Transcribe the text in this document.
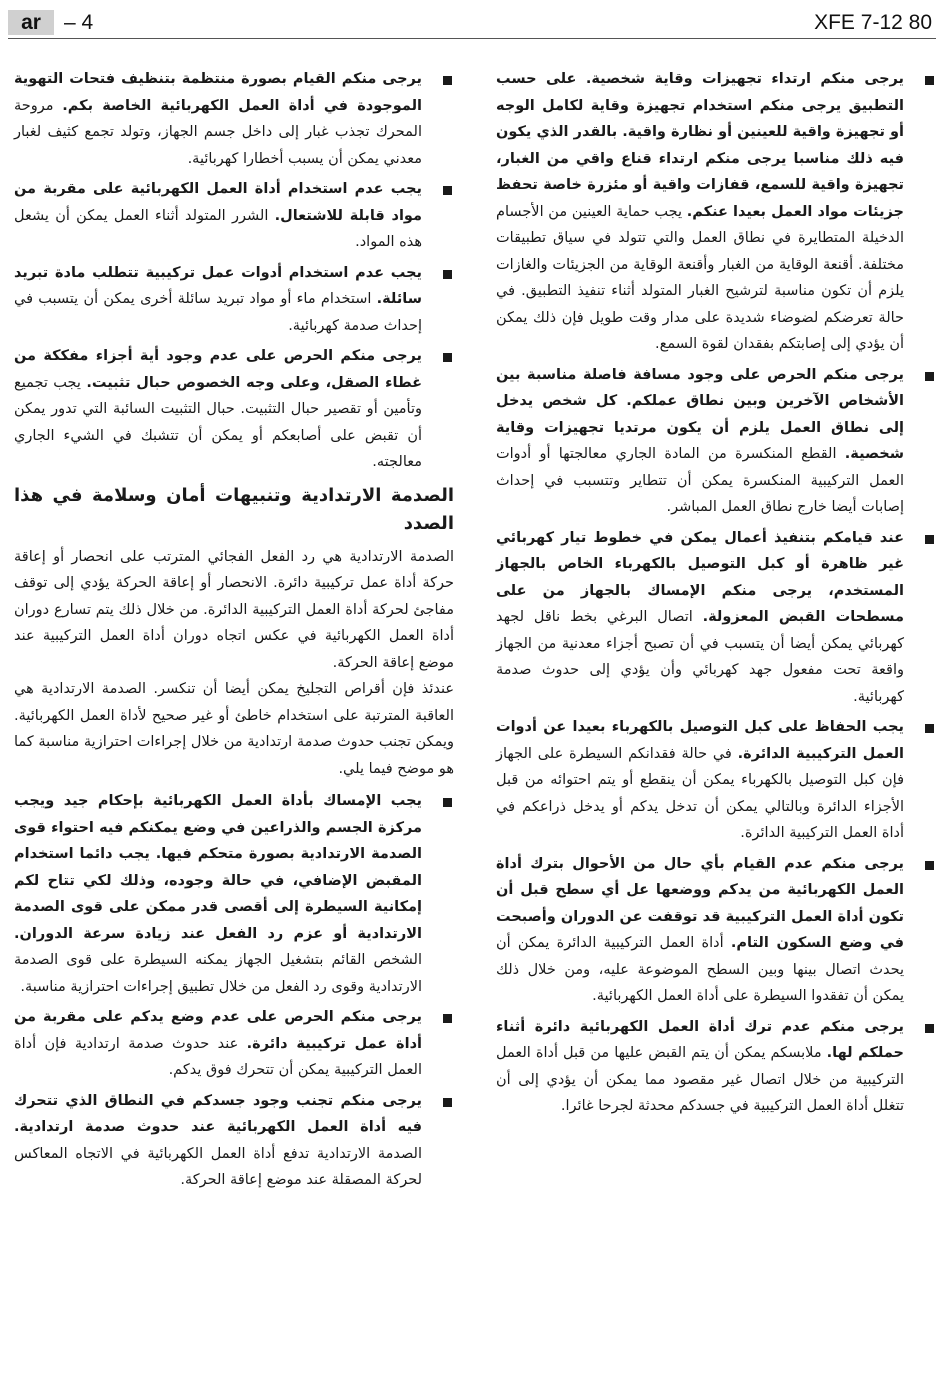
ar	– 4	XFE 7-12 80
يرجى منكم ارتداء تجهيزات وقاية شخصية. على حسب التطبيق يرجى منكم استخدام تجهيزة وقاية لكامل الوجه أو تجهيزة واقية للعينين أو نظارة واقية. بالقدر الذي يكون فيه ذلك مناسبا يرجى منكم ارتداء قناع واقي من الغبار، تجهيزة واقية للسمع، قفازات واقية أو مئزرة خاصة تحفظ جزيئات مواد العمل بعيدا عنكم. يجب حماية العينين من الأجسام الدخيلة المتطايرة في نطاق العمل والتي تتولد في سياق تطبيقات مختلفة. أقنعة الوقاية من الغبار وأقنعة الوقاية من الجزيئات والغازات يلزم أن تكون مناسبة لترشيح الغبار المتولد أثناء تنفيذ التطبيق. في حالة تعرضكم لضوضاء شديدة على مدار وقت طويل فإن ذلك يمكن أن يؤدي إلى إصابتكم بفقدان لقوة السمع.
يرجى منكم الحرص على وجود مسافة فاصلة مناسبة بين الأشخاص الآخرين وبين نطاق عملكم. كل شخص يدخل إلى نطاق العمل يلزم أن يكون مرتديا تجهيزات وقاية شخصية. القطع المنكسرة من المادة الجاري معالجتها أو أدوات العمل التركيبية المنكسرة يمكن أن تتطاير وتتسبب في إحداث إصابات أيضا خارج نطاق العمل المباشر.
عند قيامكم بتنفيذ أعمال يمكن في خطوط تيار كهربائي غير ظاهرة أو كبل التوصيل بالكهرباء الخاص بالجهاز المستخدم، يرجى منكم الإمساك بالجهاز من على مسطحات القبض المعزولة. اتصال البرغي بخط ناقل لجهد كهربائي يمكن أيضا أن يتسبب في أن تصبح أجزاء معدنية من الجهاز واقعة تحت مفعول جهد كهربائي وأن يؤدي إلى حدوث صدمة كهربائية.
يجب الحفاظ على كبل التوصيل بالكهرباء بعيدا عن أدوات العمل التركيبية الدائرة. في حالة فقدانكم السيطرة على الجهاز فإن كبل التوصيل بالكهرباء يمكن أن ينقطع أو يتم احتوائه من قبل الأجزاء الدائرة وبالتالي يمكن أن تدخل يدكم أو يدخل ذراعكم في أداة العمل التركيبية الدائرة.
يرجى منكم عدم القيام بأي حال من الأحوال بترك أداة العمل الكهربائية من يدكم ووضعها عل أي سطح قبل أن تكون أداة العمل التركيبية قد توقفت عن الدوران وأصبحت في وضع السكون التام. أداة العمل التركيبية الدائرة يمكن أن يحدث اتصال بينها وبين السطح الموضوعة عليه، ومن خلال ذلك يمكن أن تفقدوا السيطرة على أداة العمل الكهربائية.
يرجى منكم عدم ترك أداة العمل الكهربائية دائرة أثناء حملكم لها. ملابسكم يمكن أن يتم القبض عليها من قبل أداة العمل التركيبية من خلال اتصال غير مقصود مما يمكن أن يؤدي إلى أن تتغلل أداة العمل التركيبية في جسدكم محدثة لجرحا غائرا.
يرجى منكم القيام بصورة منتظمة بتنظيف فتحات التهوية الموجودة في أداة العمل الكهربائية الخاصة بكم. مروحة المحرك تجذب غبار إلى داخل جسم الجهاز، وتولد تجمع كثيف لغبار معدني يمكن أن يسبب أخطارا كهربائية.
يجب عدم استخدام أداة العمل الكهربائية على مقربة من مواد قابلة للاشتعال. الشرر المتولد أثناء العمل يمكن أن يشعل هذه المواد.
يجب عدم استخدام أدوات عمل تركيبية تتطلب مادة تبريد سائلة. استخدام ماء أو مواد تبريد سائلة أخرى يمكن أن يتسبب في إحداث صدمة كهربائية.
يرجى منكم الحرص على عدم وجود أية أجزاء مفككة من غطاء الصقل، وعلى وجه الخصوص حبال تثبيت. يجب تجميع وتأمين أو تقصير حبال التثبيت. حبال التثبيت السائبة التي تدور يمكن أن تقبض على أصابعكم أو يمكن أن تتشبك في الشيء الجاري معالجته.
الصدمة الارتدادية وتنبيهات أمان وسلامة في هذا الصدد

الصدمة الارتدادية هي رد الفعل الفجائي المترتب على انحصار أو إعاقة حركة أداة عمل تركيبية دائرة. الانحصار أو إعاقة الحركة يؤدي إلى توقف مفاجئ لحركة أداة العمل التركيبية الدائرة. من خلال ذلك يتم تسارع دوران أداة العمل الكهربائية في عكس اتجاه دوران أداة العمل التركيبية عند موضع إعاقة الحركة.

عندئذ فإن أقراص التجليخ يمكن أيضا أن تنكسر. الصدمة الارتدادية هي العاقبة المترتبة على استخدام خاطئ أو غير صحيح لأداة العمل الكهربائية. ويمكن تجنب حدوث صدمة ارتدادية من خلال إجراءات احترازية مناسبة كما هو موضح فيما يلي.

يجب الإمساك بأداة العمل الكهربائية بإحكام جيد ويجب مركزة الجسم والذراعين في وضع يمكنكم فيه احتواء قوى الصدمة الارتدادية بصورة متحكم فيها. يجب دائما استخدام المقبض الإضافي، في حالة وجوده، وذلك لكي تتاح لكم إمكانية السيطرة إلى أقصى قدر ممكن على قوى الصدمة الارتدادية أو عزم رد الفعل عند زيادة سرعة الدوران. الشخص القائم بتشغيل الجهاز يمكنه السيطرة على قوى الصدمة الارتدادية وقوى رد الفعل من خلال تطبيق إجراءات احترازية مناسبة.
يرجى منكم الحرص على عدم وضع يدكم على مقربة من أداة عمل تركيبية دائرة. عند حدوث صدمة ارتدادية فإن أداة العمل التركيبية يمكن أن تتحرك فوق يدكم.
يرجى منكم تجنب وجود جسدكم في النطاق الذي تتحرك فيه أداة العمل الكهربائية عند حدوث صدمة ارتدادية. الصدمة الارتدادية تدفع أداة العمل الكهربائية في الاتجاه المعاكس لحركة المصقلة عند موضع إعاقة الحركة.
